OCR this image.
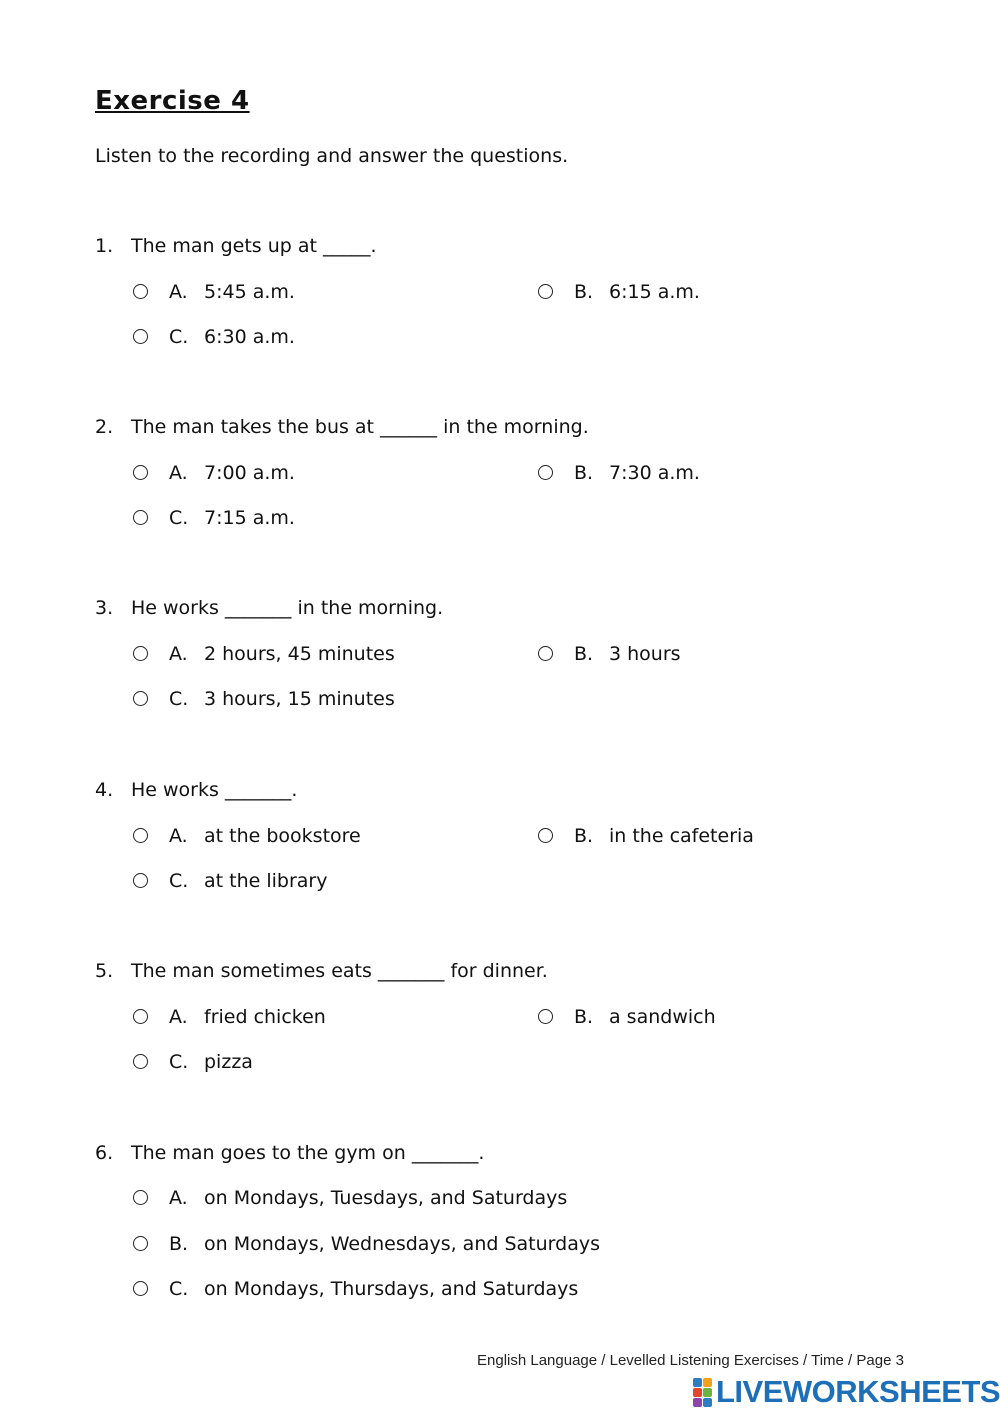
Exercise 4
Listen to the recording and answer the questions.
1. The man gets up at _____.
A. 5:45 a.m.	B. 6:15 a.m.
C. 6:30 a.m.
2. The man takes the bus at ______ in the morning.
A. 7:00 a.m.	B. 7:30 a.m.
C. 7:15 a.m.
3. He works _______ in the morning.
A. 2 hours, 45 minutes	B. 3 hours
C. 3 hours, 15 minutes
4. He works _______.
A. at the bookstore	B. in the cafeteria
C. at the library
5. The man sometimes eats _______ for dinner.
A. fried chicken	B. a sandwich
C. pizza
6. The man goes to the gym on _______.
A. on Mondays, Tuesdays, and Saturdays
B. on Mondays, Wednesdays, and Saturdays
C. on Mondays, Thursdays, and Saturdays
English Language / Levelled Listening Exercises / Time / Page 3
LIVEWORKSHEETS
